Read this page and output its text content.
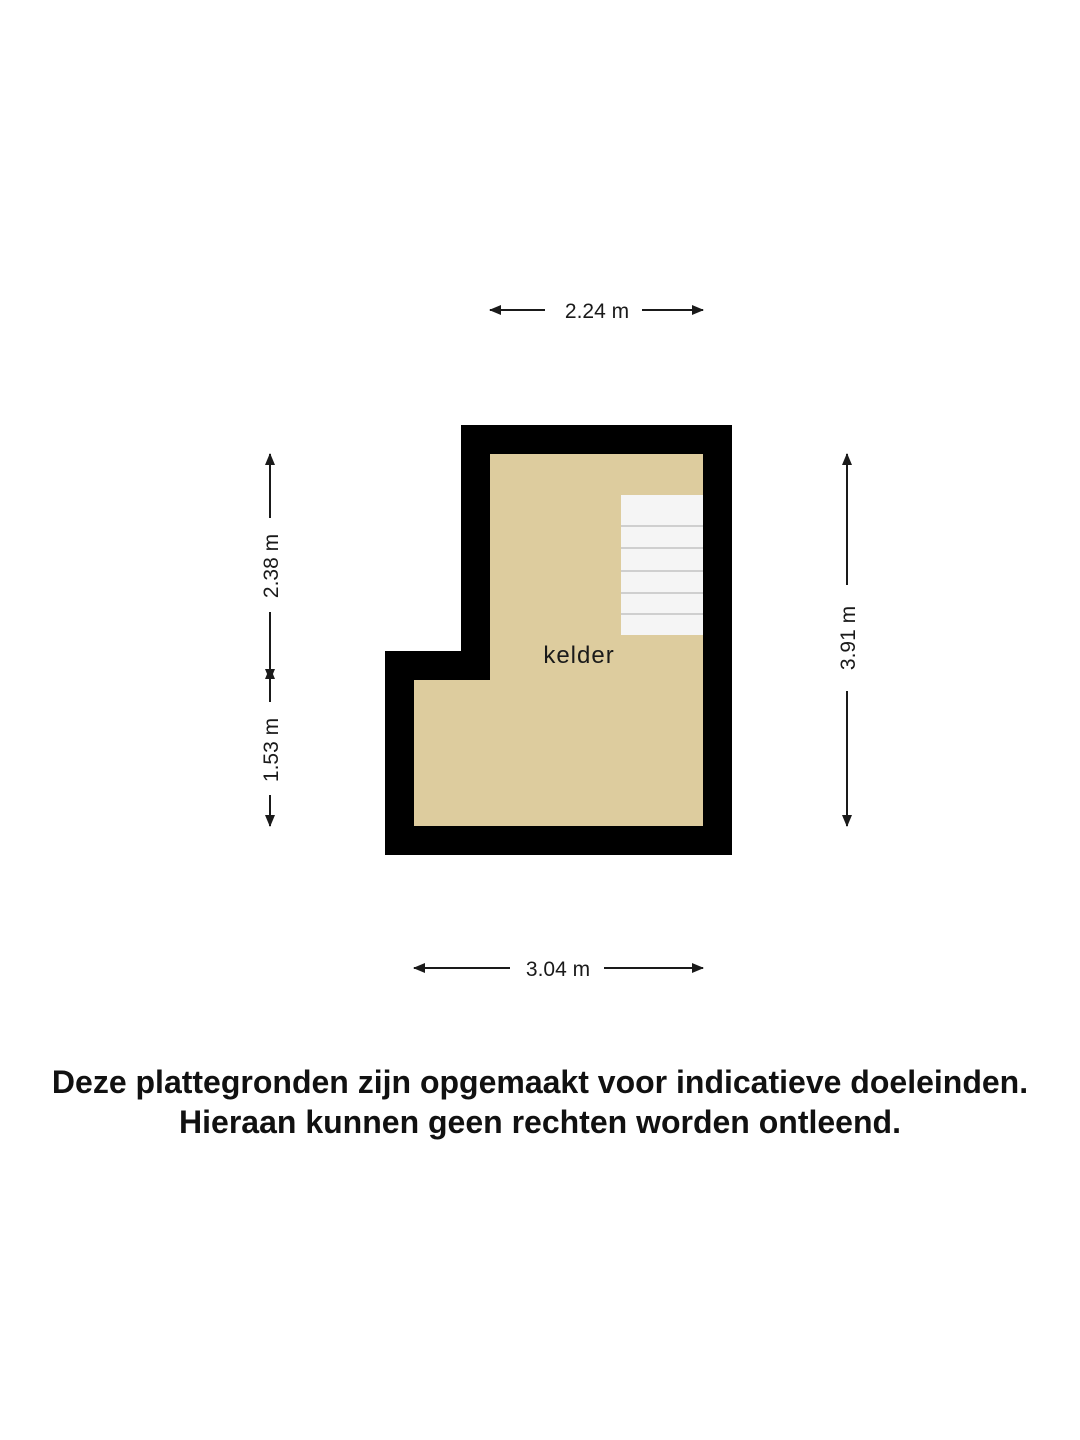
kelder
2.24 m
3.04 m
2.38 m
1.53 m
3.91 m
Deze plattegronden zijn opgemaakt voor indicatieve doeleinden.
Hieraan kunnen geen rechten worden ontleend.
